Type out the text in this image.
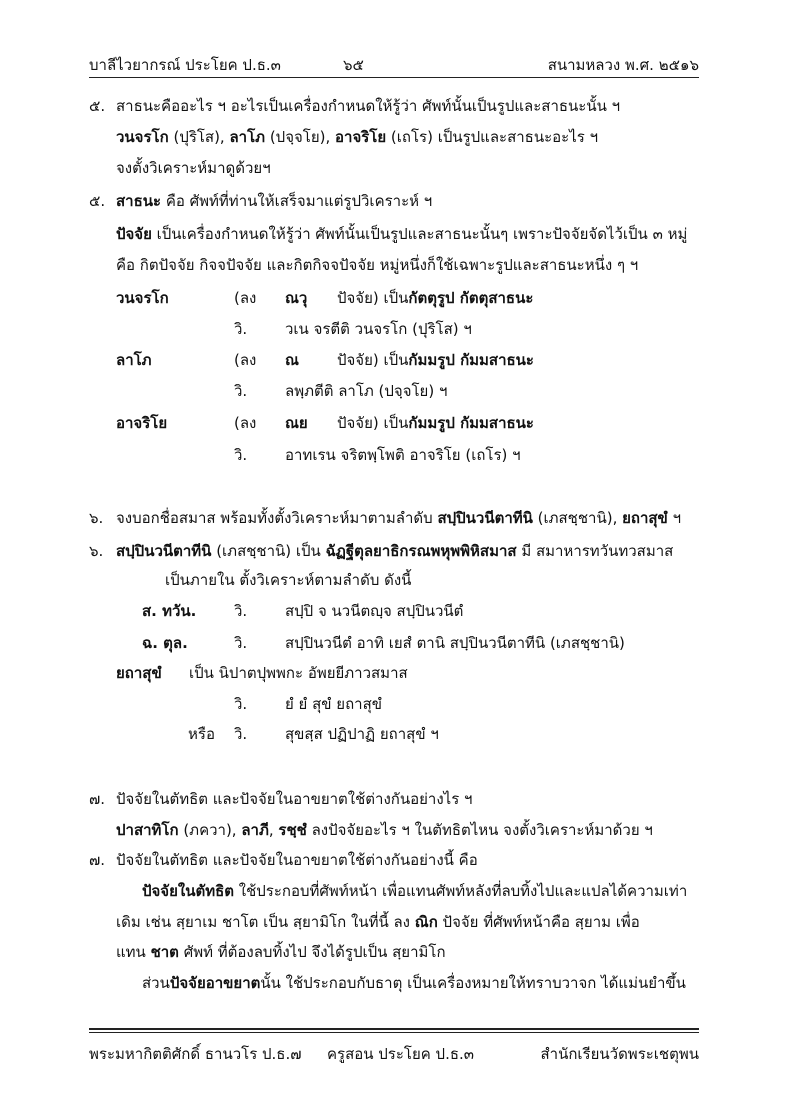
บาลีไวยากรณ์ ประโยค ป.ธ.๓	๖๕	สนามหลวง พ.ศ. ๒๕๑๖
๕. สาธนะคืออะไร ฯ อะไรเป็นเครื่องกำหนดให้รู้ว่า ศัพท์นั้นเป็นรูปและสาธนะนั้น ฯ
วนจรโก (ปุริโส), ลาโภ (ปจฺจโย), อาจริโย (เถโร) เป็นรูปและสาธนะอะไร ฯ
จงตั้งวิเคราะห์มาดูด้วยฯ
๕. สาธนะ คือ ศัพท์ที่ท่านให้เสร็จมาแต่รูปวิเคราะห์ ฯ
ปัจจัย เป็นเครื่องกำหนดให้รู้ว่า ศัพท์นั้นเป็นรูปและสาธนะนั้นๆ เพราะปัจจัยจัดไว้เป็น ๓ หมู่
คือ กิตปัจจัย กิจจปัจจัย และกิตกิจจปัจจัย หมู่หนึ่งก็ใช้เฉพาะรูปและสาธนะหนึ่ง ๆ ฯ
วนจรโก	(ลง ณวุ ปัจจัย) เป็นกัตตุรูป กัตตุสาธนะ
วิ.	วเน จรตีติ วนจรโก (ปุริโส) ฯ
ลาโภ	(ลง ณ	ปัจจัย) เป็นกัมมรูป กัมมสาธนะ
วิ.	ลพฺภตีติ ลาโภ (ปจฺจโย) ฯ
อาจริโย	(ลง ณย ปัจจัย) เป็นกัมมรูป กัมมสาธนะ
วิ.	อาทเรน จริตพฺโพติ อาจริโย (เถโร) ฯ
๖. จงบอกชื่อสมาส พร้อมทั้งตั้งวิเคราะห์มาตามลำดับ สปฺปินวนีตาทีนิ (เภสชฺชานิ), ยถาสุขํ ฯ
๖. สปฺปินวนีตาทีนิ (เภสชฺชานิ) เป็น ฉัฏฐีตุลยาธิกรณพหุพพิหิสมาส มี สมาหารทวันทวสมาส
เป็นภายใน ตั้งวิเคราะห์ตามลำดับ ดังนี้
ส. ทวัน.	วิ.	สปฺปิ จ นวนีตญฺจ สปฺปินวนีตํ
ฉ. ตุล.	วิ.	สปฺปินวนีตํ อาทิ เยสํ ตานิ สปฺปินวนีตาทีนิ (เภสชฺชานิ)
ยถาสุขํ เป็น นิปาตปุพพกะ อัพยยีภาวสมาส
วิ.	ยํ ยํ สุขํ ยถาสุขํ
หรือ วิ.	สุขสฺส ปฏิปาฏิ ยถาสุขํ ฯ
๗. ปัจจัยในตัทธิต และปัจจัยในอาขยาตใช้ต่างกันอย่างไร ฯ
ปาสาทิโก (ภควา), ลาภี, รชฺชํ ลงปัจจัยอะไร ฯ ในตัทธิตไหน จงตั้งวิเคราะห์มาด้วย ฯ
๗. ปัจจัยในตัทธิต และปัจจัยในอาขยาตใช้ต่างกันอย่างนี้ คือ
ปัจจัยในตัทธิต ใช้ประกอบที่ศัพท์หน้า เพื่อแทนศัพท์หลังที่ลบทิ้งไปและแปลได้ความเท่า
เดิม เช่น สฺยาเม ชาโต เป็น สฺยามิโก ในที่นี้ ลง ณิก ปัจจัย ที่ศัพท์หน้าคือ สฺยาม เพื่อ
แทน ชาต ศัพท์ ที่ต้องลบทิ้งไป จึงได้รูปเป็น สฺยามิโก
ส่วนปัจจัยอาขยาตนั้น ใช้ประกอบกับธาตุ เป็นเครื่องหมายให้ทราบวาจก ได้แม่นยำขึ้น
พระมหากิตติศักดิ์ ธานวโร ป.ธ.๗ ครูสอน ประโยค ป.ธ.๓	สำนักเรียนวัดพระเชตุพน
